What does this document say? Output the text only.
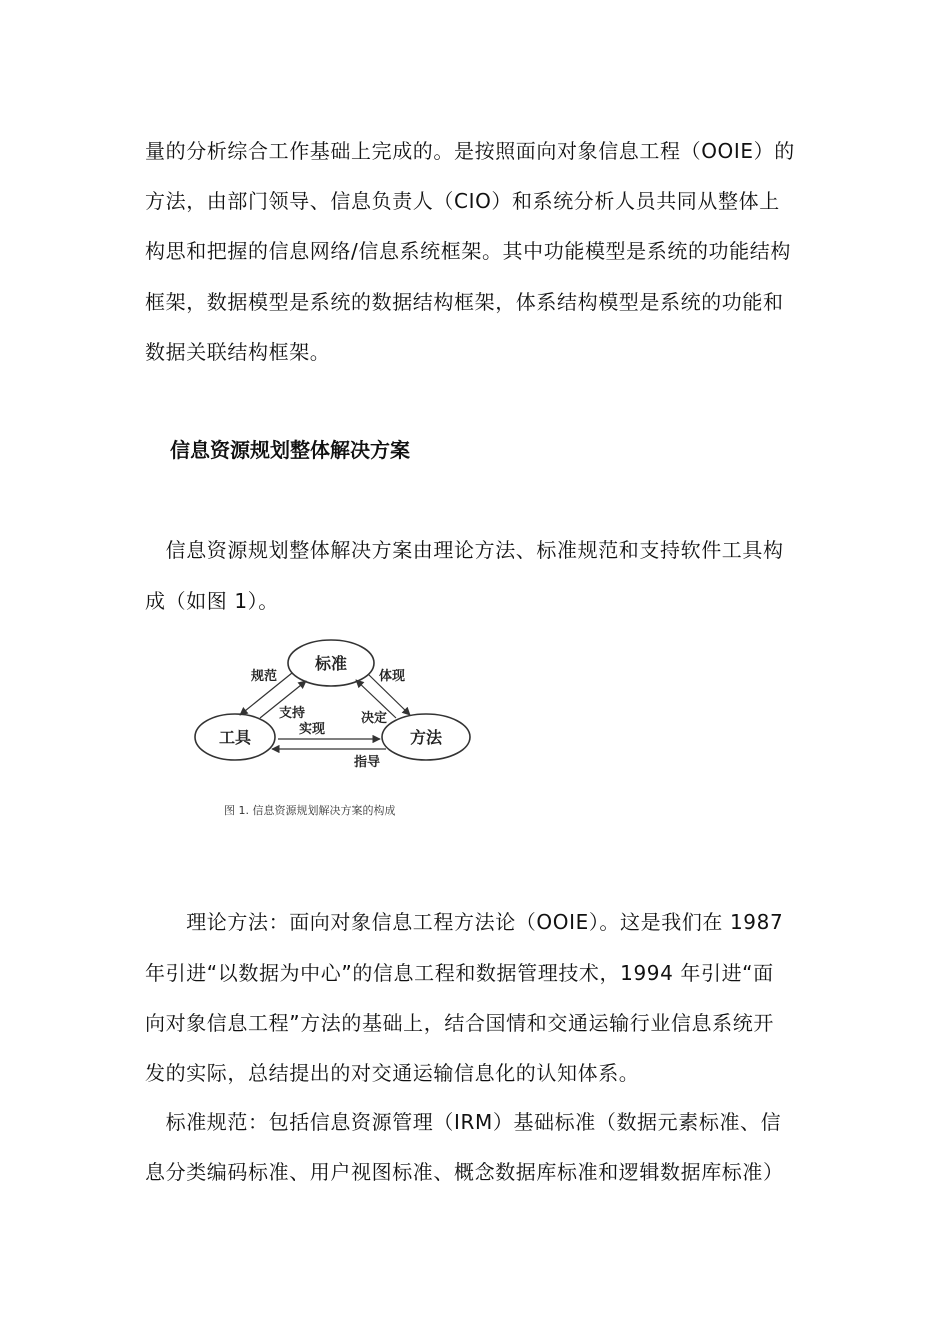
量的分析综合工作基础上完成的。是按照面向对象信息工程（OOIE）的
方法，由部门领导、信息负责人（CIO）和系统分析人员共同从整体上
构思和把握的信息网络/信息系统框架。其中功能模型是系统的功能结构
框架，数据模型是系统的数据结构框架，体系结构模型是系统的功能和
数据关联结构框架。
信息资源规划整体解决方案
　信息资源规划整体解决方案由理论方法、标准规范和支持软件工具构
成（如图 1）。
标准
工具	方法
规范	体现
支持	决定
实现
指导
图 1. 信息资源规划解决方案的构成
　　理论方法：面向对象信息工程方法论（OOIE）。这是我们在 1987
年引进“以数据为中心”的信息工程和数据管理技术，1994 年引进“面
向对象信息工程”方法的基础上，结合国情和交通运输行业信息系统开
发的实际，总结提出的对交通运输信息化的认知体系。
　标准规范：包括信息资源管理（IRM）基础标准（数据元素标准、信
息分类编码标准、用户视图标准、概念数据库标准和逻辑数据库标准）
